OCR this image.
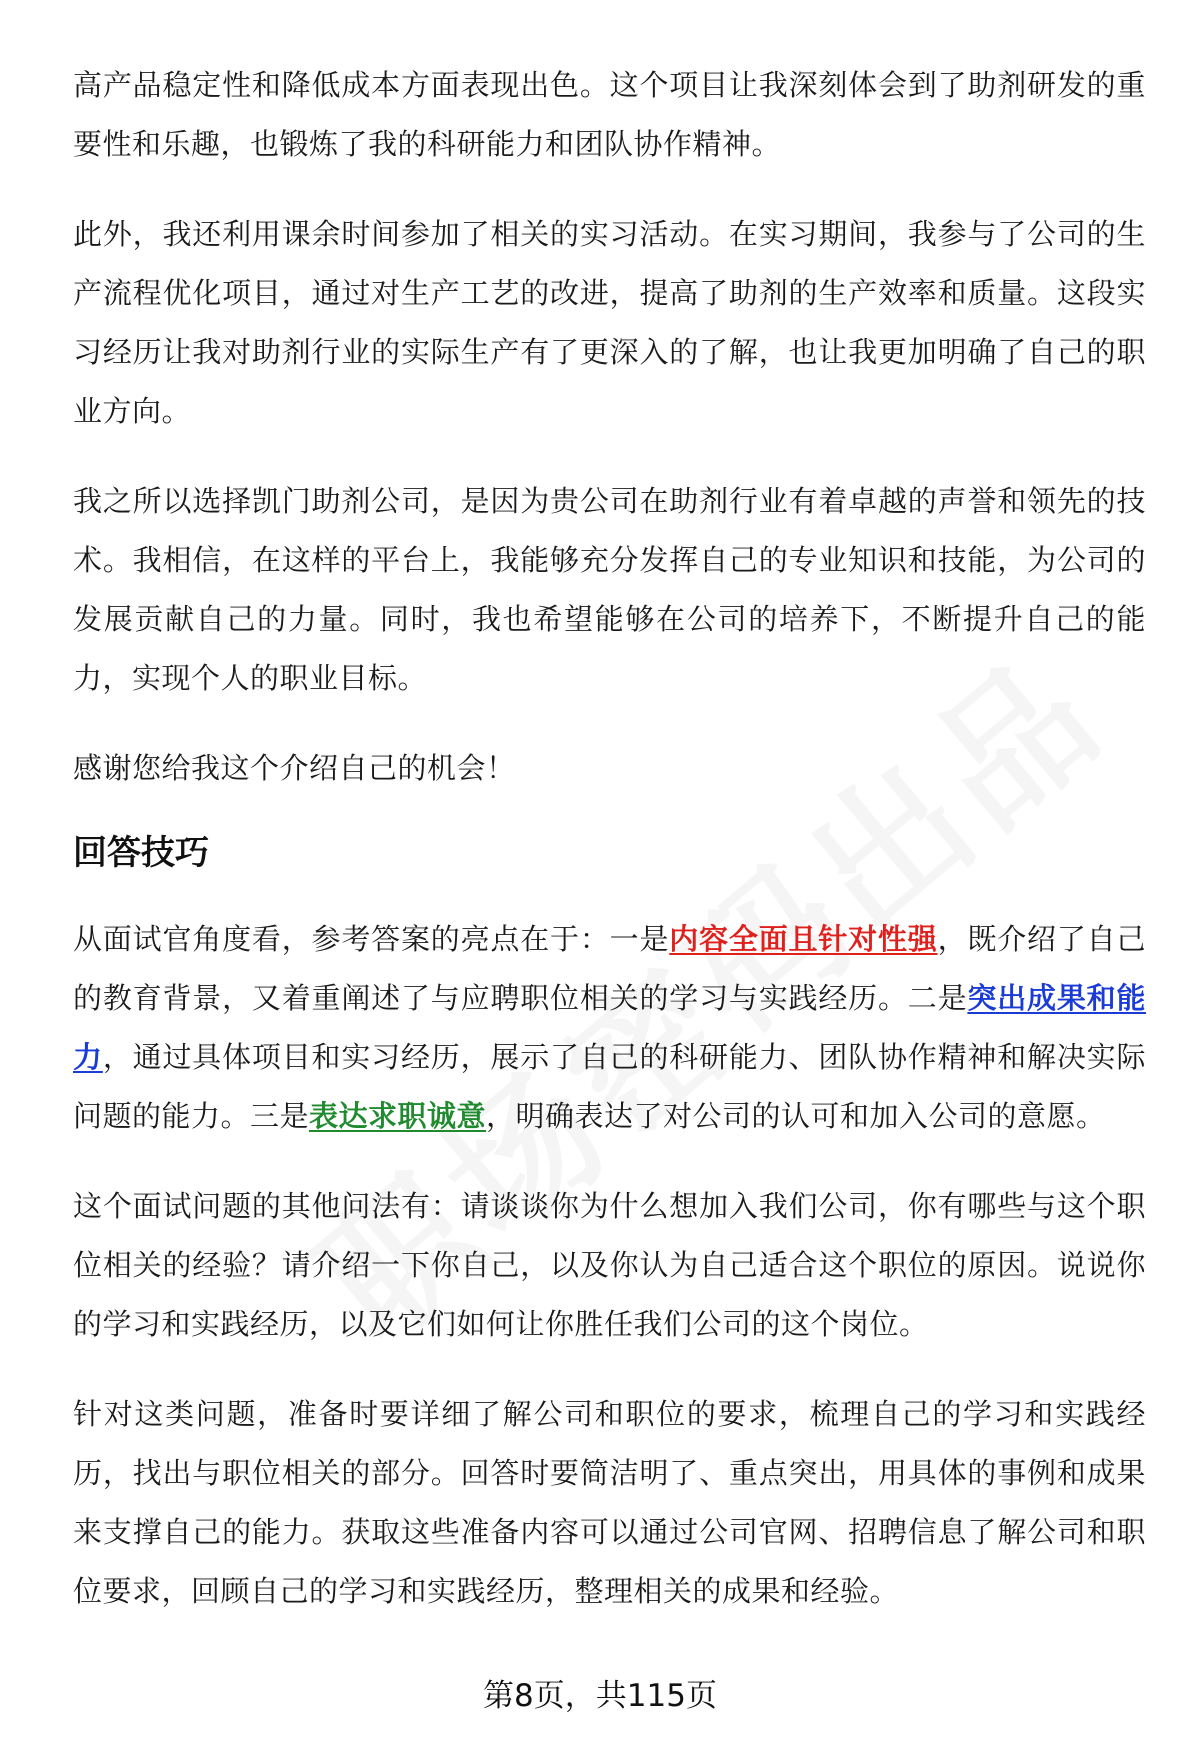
高产品稳定性和降低成本方面表现出色。这个项目让我深刻体会到了助剂研发的重要性和乐趣，也锻炼了我的科研能力和团队协作精神。

此外，我还利用课余时间参加了相关的实习活动。在实习期间，我参与了公司的生产流程优化项目，通过对生产工艺的改进，提高了助剂的生产效率和质量。这段实习经历让我对助剂行业的实际生产有了更深入的了解，也让我更加明确了自己的职业方向。

我之所以选择凯门助剂公司，是因为贵公司在助剂行业有着卓越的声誉和领先的技术。我相信，在这样的平台上，我能够充分发挥自己的专业知识和技能，为公司的发展贡献自己的力量。同时，我也希望能够在公司的培养下，不断提升自己的能力，实现个人的职业目标。

感谢您给我这个介绍自己的机会！

回答技巧

从面试官角度看，参考答案的亮点在于：一是内容全面且针对性强，既介绍了自己的教育背景，又着重阐述了与应聘职位相关的学习与实践经历。二是突出成果和能力，通过具体项目和实习经历，展示了自己的科研能力、团队协作精神和解决实际问题的能力。三是表达求职诚意，明确表达了对公司的认可和加入公司的意愿。

这个面试问题的其他问法有：请谈谈你为什么想加入我们公司，你有哪些与这个职位相关的经验？请介绍一下你自己，以及你认为自己适合这个职位的原因。说说你的学习和实践经历，以及它们如何让你胜任我们公司的这个岗位。

针对这类问题，准备时要详细了解公司和职位的要求，梳理自己的学习和实践经历，找出与职位相关的部分。回答时要简洁明了、重点突出，用具体的事例和成果来支撑自己的能力。获取这些准备内容可以通过公司官网、招聘信息了解公司和职位要求，回顾自己的学习和实践经历，整理相关的成果和经验。

第8页，共115页
